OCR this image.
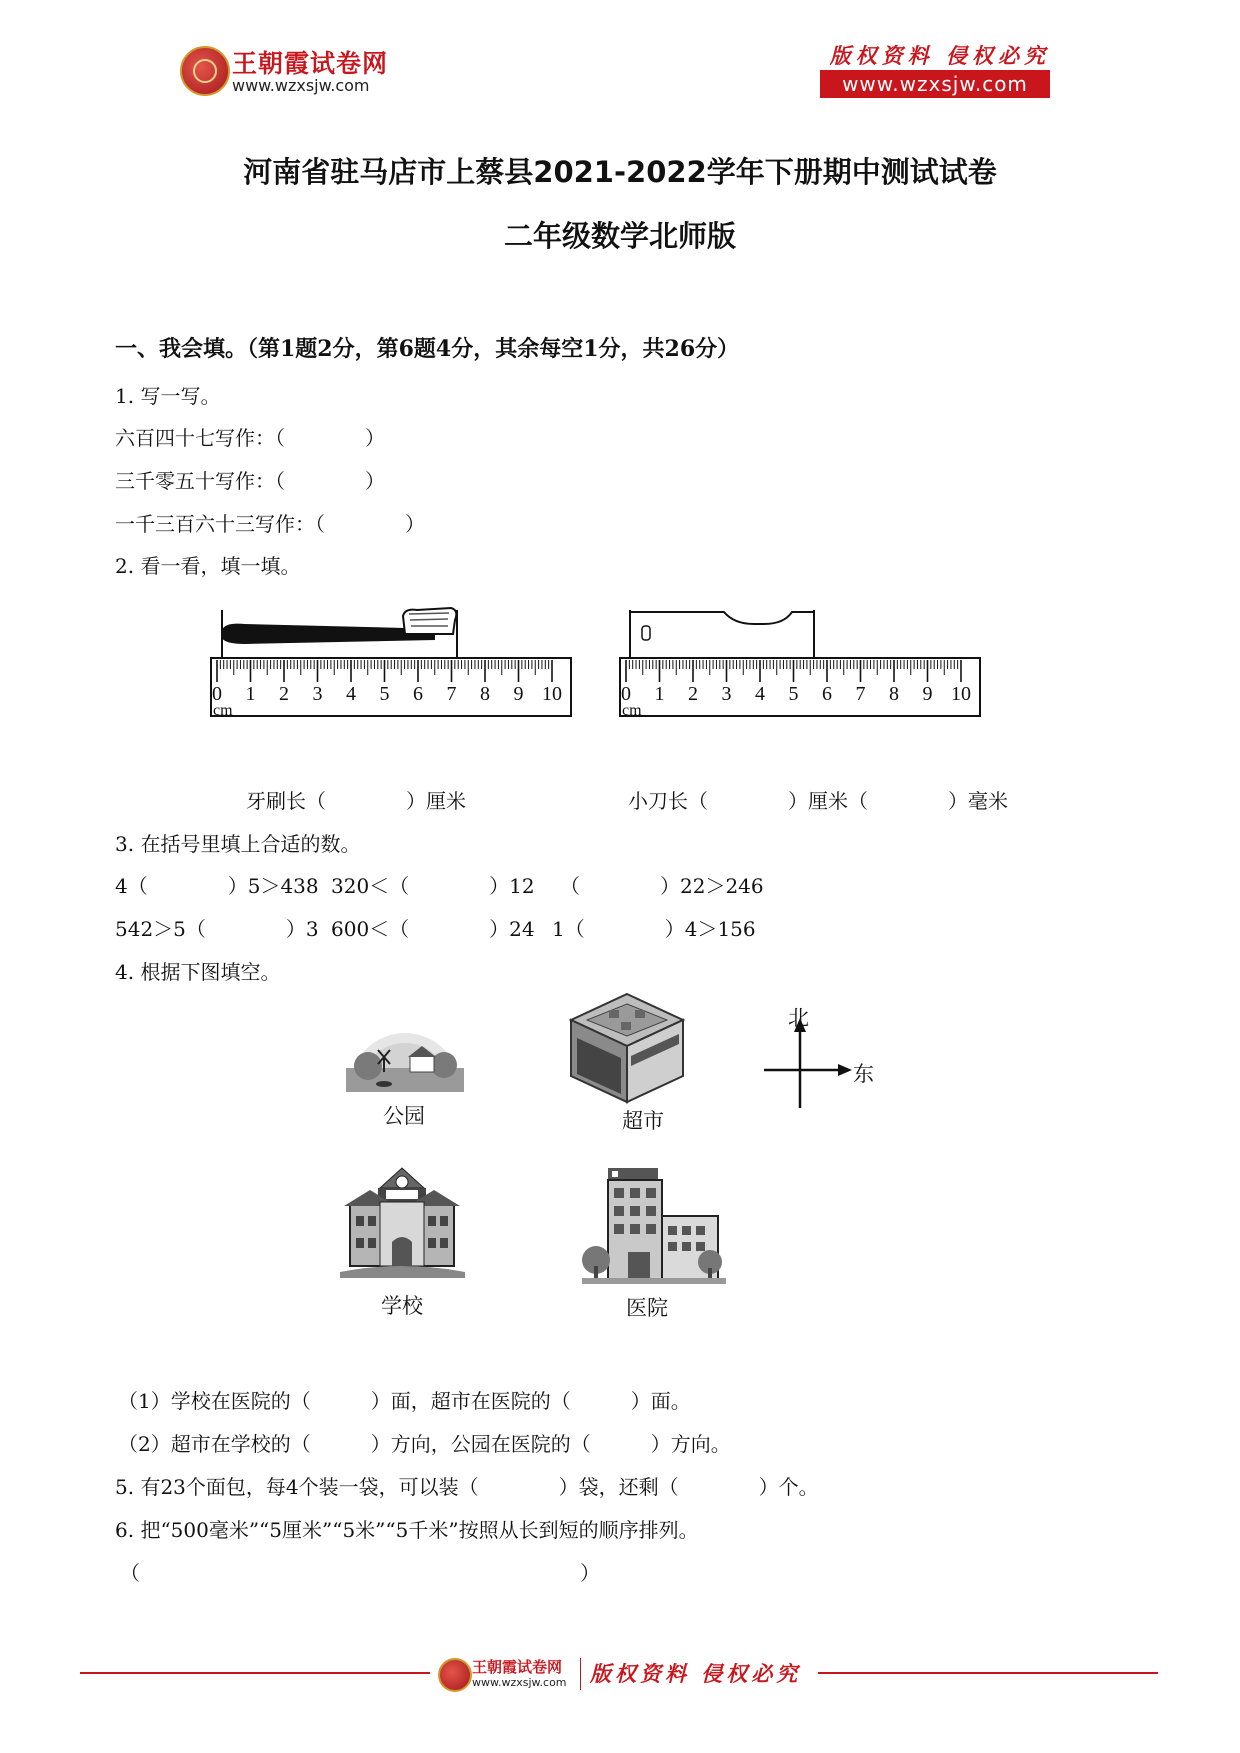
王朝霞试卷网
www.wzxsjw.com
版权资料 侵权必究
www.wzxsjw.com
河南省驻马店市上蔡县2021-2022学年下册期中测试试卷
二年级数学北师版
一、我会填。（第1题2分，第6题4分，其余每空1分，共26分）
1. 写一写。
六百四十七写作：（　　　　）
三千零五十写作：（　　　　）
一千三百六十三写作：（　　　　）
2. 看一看，填一填。
0 1 2 3 4 5 6 7 8 9 10
cm
0 1 2 3 4 5 6 7 8 9 10
cm
牙刷长（　　　　）厘米	小刀长（　　　　）厘米（　　　　）毫米
3. 在括号里填上合适的数。
4（　　　　）5＞438 320＜（　　　　）12 （　　　　）22＞246
542＞5（　　　　）3 600＜（　　　　）24 1（　　　　）4＞156
4. 根据下图填空。
公园	超市
北
东
学校	医院
（1）学校在医院的（　　　）面，超市在医院的（　　　）面。
（2）超市在学校的（　　　）方向，公园在医院的（　　　）方向。
5. 有23个面包，每4个装一袋，可以装（　　　　）袋，还剩（　　　　）个。
6. 把“500毫米”“5厘米”“5米”“5千米”按照从长到短的顺序排列。
（　　　　　　　　　　　　　　　　　　　　　　）
王朝霞试卷网
www.wzxsjw.com 版权资料 侵权必究
